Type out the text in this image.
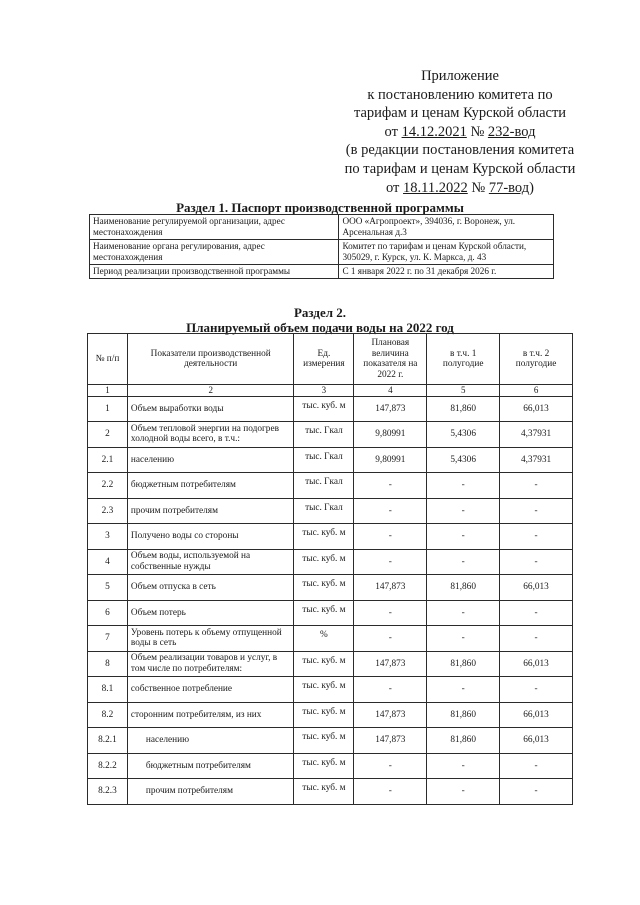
Приложение
к постановлению комитета по
тарифам и ценам Курской области
от 14.12.2021 № 232-вод
(в редакции постановления комитета
по тарифам и ценам Курской области
от 18.11.2022 № 77-вод)
Раздел 1. Паспорт производственной программы
Наименование регулируемой организации, адрес местонахождения	ООО «Агропроект», 394036, г. Воронеж, ул. Арсенальная д.3
Наименование органа регулирования, адрес местонахождения	Комитет по тарифам и ценам Курской области, 305029, г. Курск, ул. К. Маркса, д. 43
Период реализации производственной программы	С 1 января 2022 г. по 31 декабря 2026 г.
Раздел 2.
Планируемый объем подачи воды на 2022 год
№ п/п	Показатели производственной деятельности	Ед. измерения	Плановая величина показателя на 2022 г.	в т.ч. 1 полугодие	в т.ч. 2 полугодие
1	2	3	4	5	6
1	Объем выработки воды	тыс. куб. м	147,873	81,860	66,013
2	Объем тепловой энергии на подогрев холодной воды всего, в т.ч.:	тыс. Гкал	9,80991	5,4306	4,37931
2.1	населению	тыс. Гкал	9,80991	5,4306	4,37931
2.2	бюджетным потребителям	тыс. Гкал	-	-	-
2.3	прочим потребителям	тыс. Гкал	-	-	-
3	Получено воды со стороны	тыс. куб. м	-	-	-
4	Объем воды, используемой на собственные нужды	тыс. куб. м	-	-	-
5	Объем отпуска в сеть	тыс. куб. м	147,873	81,860	66,013
6	Объем потерь	тыс. куб. м	-	-	-
7	Уровень потерь к объему отпущенной воды в сеть	%	-	-	-
8	Объем реализации товаров и услуг, в том числе по потребителям:	тыс. куб. м	147,873	81,860	66,013
8.1	собственное потребление	тыс. куб. м	-	-	-
8.2	сторонним потребителям, из них	тыс. куб. м	147,873	81,860	66,013
8.2.1	населению	тыс. куб. м	147,873	81,860	66,013
8.2.2	бюджетным потребителям	тыс. куб. м	-	-	-
8.2.3	прочим потребителям	тыс. куб. м	-	-	-
